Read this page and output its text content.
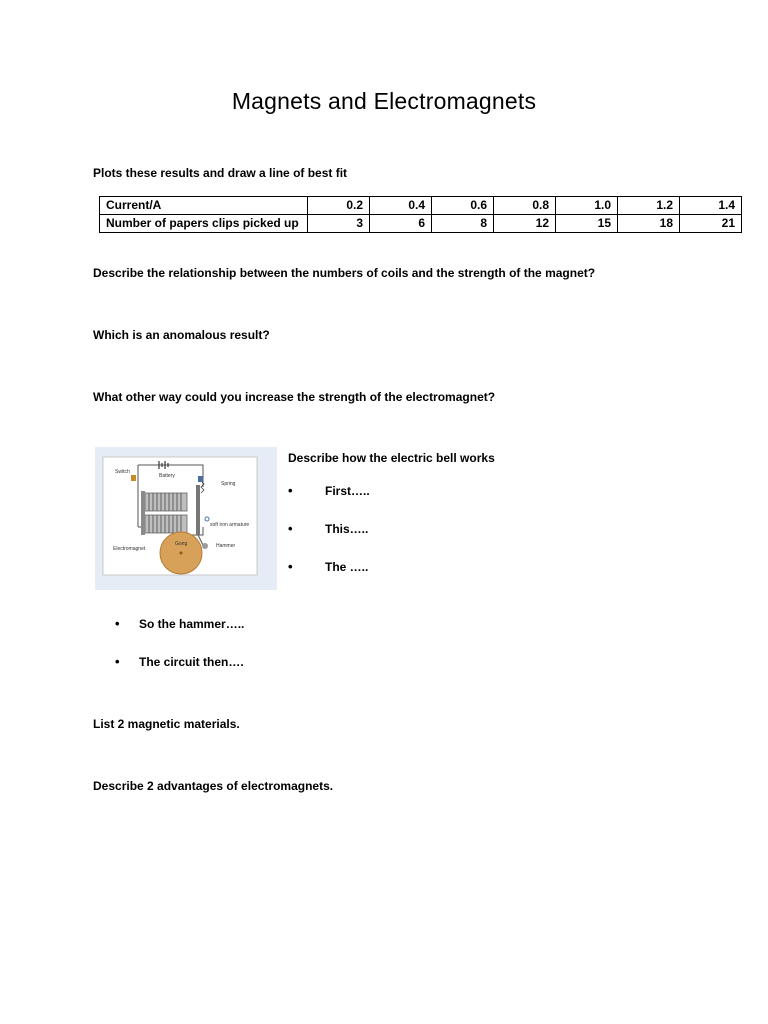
Magnets and Electromagnets
Plots these results and draw a line of best fit
Current/A	0.2	0.4	0.6	0.8	1.0	1.2	1.4
Number of papers clips picked up	3	6	8	12	15	18	21
Describe the relationship between the numbers of coils and the strength of the magnet?
Which is an anomalous result?
What other way could you increase the strength of the electromagnet?
Switch
Battery
Spring
soft iron armature
Electromagnet
Gong	Hammer
Describe how the electric bell works
•	First…..
•	This…..
•	The …..
• So the hammer…..
• The circuit then….
List 2 magnetic materials.
Describe 2 advantages of electromagnets.
